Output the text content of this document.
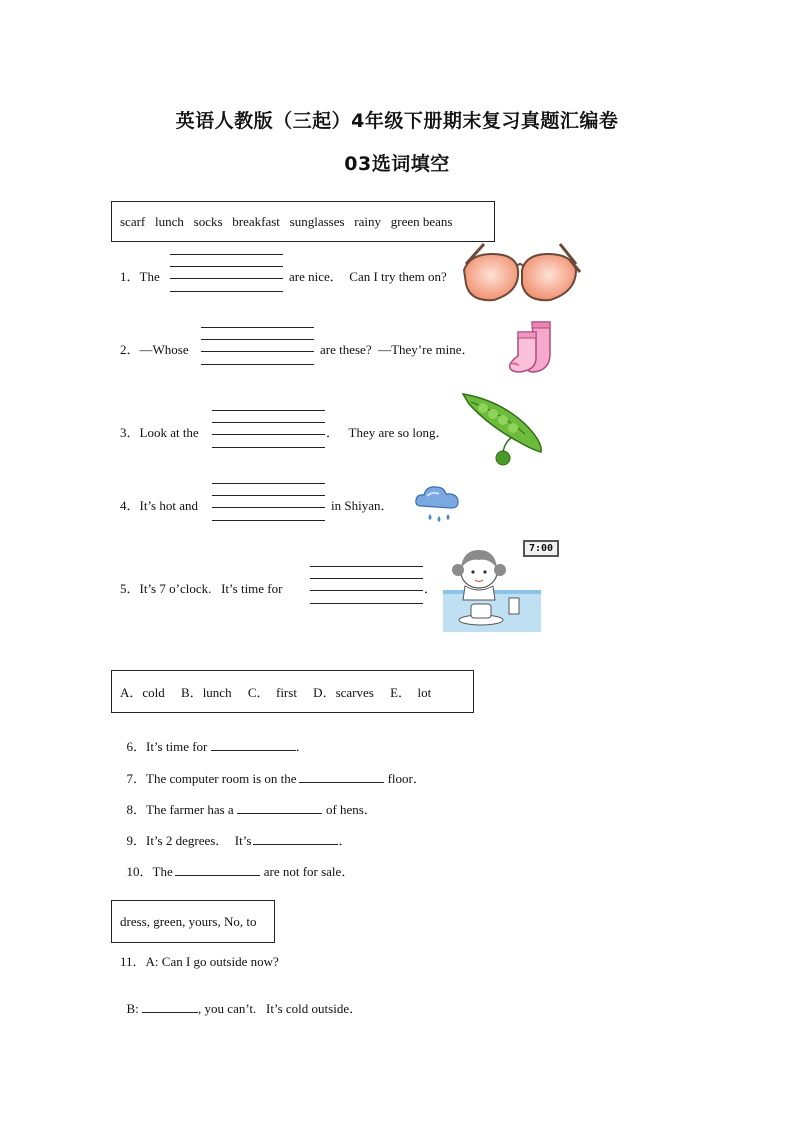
英语人教版（三起）4年级下册期末复习真题汇编卷
03选词填空
scarf   lunch   socks   breakfast   sunglasses   rainy   green beans
1．The	are nice．  Can I try them on?
2．—Whose	are these?  —They’re mine．
3．Look at the	．   They are so long．
4．It’s hot and	in Shiyan．
5．It’s 7 o’clock.   It’s time for	．
7:00
A．cold     B．lunch     C．  first     D．scarves     E．  lot

6．It’s time for	．

7．The computer room is on the	floor．

8．The farmer has a	of hens．

9．It’s 2 degrees．  It’s	．

10．The	are not for sale．

dress, green, yours, No, to
11．A: Can I go outside now?

B:	, you can’t.   It’s cold outside．
